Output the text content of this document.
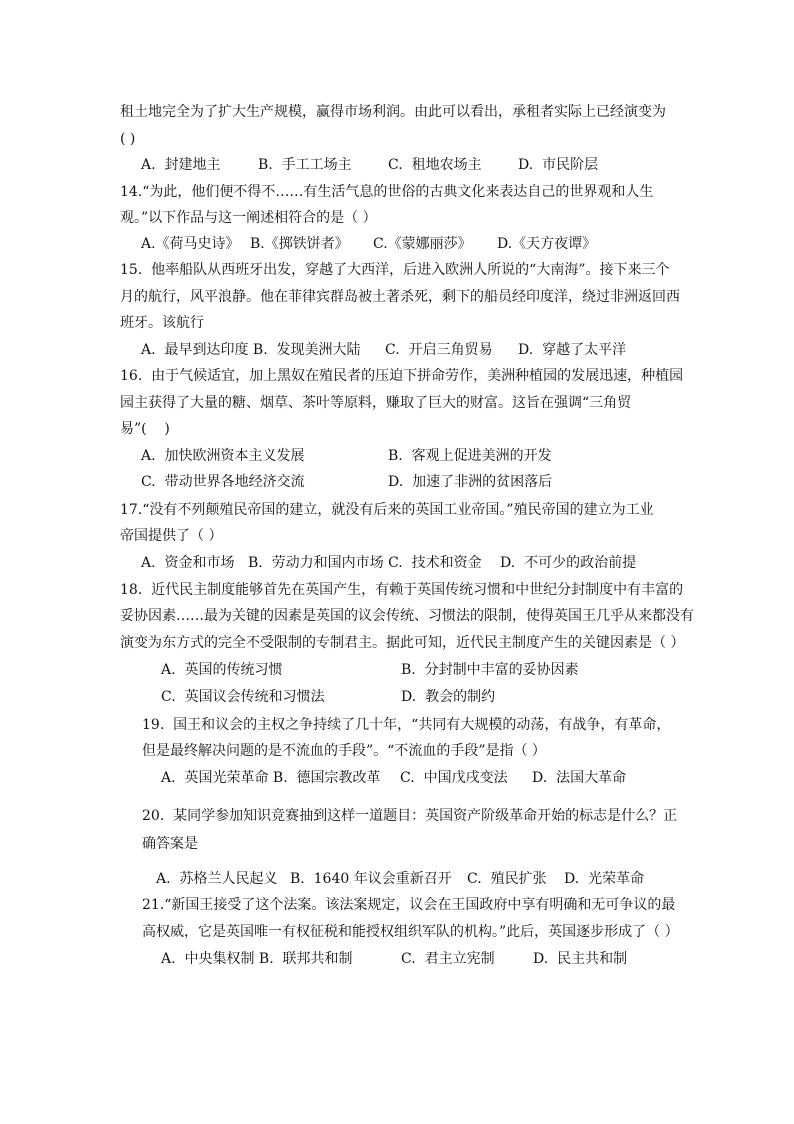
租土地完全为了扩大生产规模，赢得市场利润。由此可以看出，承租者实际上已经演变为
( )
A.  封建地主	B.  手工工场主	C.  租地农场主	D.  市民阶层
14.“为此，他们便不得不……有生活气息的世俗的古典文化来表达自己的世界观和人生
观。”以下作品与这一阐述相符合的是（ ）
A.《荷马史诗》 B.《掷铁饼者》 C.《蒙娜丽莎》 D.《天方夜谭》
15.  他率船队从西班牙出发，穿越了大西洋，后进入欧洲人所说的“大南海”。接下来三个
月的航行，风平浪静。他在菲律宾群岛被土著杀死，剩下的船员经印度洋，绕过非洲返回西
班牙。该航行
A.  最早到达印度 B.  发现美洲大陆 C.  开启三角贸易 D.  穿越了太平洋
16.  由于气候适宜，加上黑奴在殖民者的压迫下拼命劳作，美洲种植园的发展迅速，种植园
园主获得了大量的糖、烟草、茶叶等原料，赚取了巨大的财富。这旨在强调“三角贸
易”(    )
A.  加快欧洲资本主义发展	B.  客观上促进美洲的开发
C.  带动世界各地经济交流	D.  加速了非洲的贫困落后
17.“没有不列颠殖民帝国的建立，就没有后来的英国工业帝国。”殖民帝国的建立为工业
帝国提供了（ ）
A.  资金和市场 B.  劳动力和国内市场 C.  技术和资金 D.  不可少的政治前提
18.  近代民主制度能够首先在英国产生，有赖于英国传统习惯和中世纪分封制度中有丰富的
妥协因素……最为关键的因素是英国的议会传统、习惯法的限制，使得英国王几乎从来都没有
演变为东方式的完全不受限制的专制君主。据此可知，近代民主制度产生的关键因素是（ ）
A.  英国的传统习惯	B.  分封制中丰富的妥协因素
C.  英国议会传统和习惯法	D.  教会的制约
19.  国王和议会的主权之争持续了几十年，“共同有大规模的动荡，有战争，有革命，
但是最终解决问题的是不流血的手段”。“不流血的手段”是指（ ）
A.  英国光荣革命 B.  德国宗教改革 C.  中国戊戌变法 D.  法国大革命
20.  某同学参加知识竞赛抽到这样一道题目：英国资产阶级革命开始的标志是什么？正
确答案是
A.  苏格兰人民起义 B.  1640 年议会重新召开 C.  殖民扩张 D.  光荣革命
21.“新国王接受了这个法案。该法案规定，议会在王国政府中享有明确和无可争议的最
高权威，它是英国唯一有权征税和能授权组织军队的机构。”此后，英国逐步形成了（ ）
A.  中央集权制 B.  联邦共和制	C.  君主立宪制	D.  民主共和制
